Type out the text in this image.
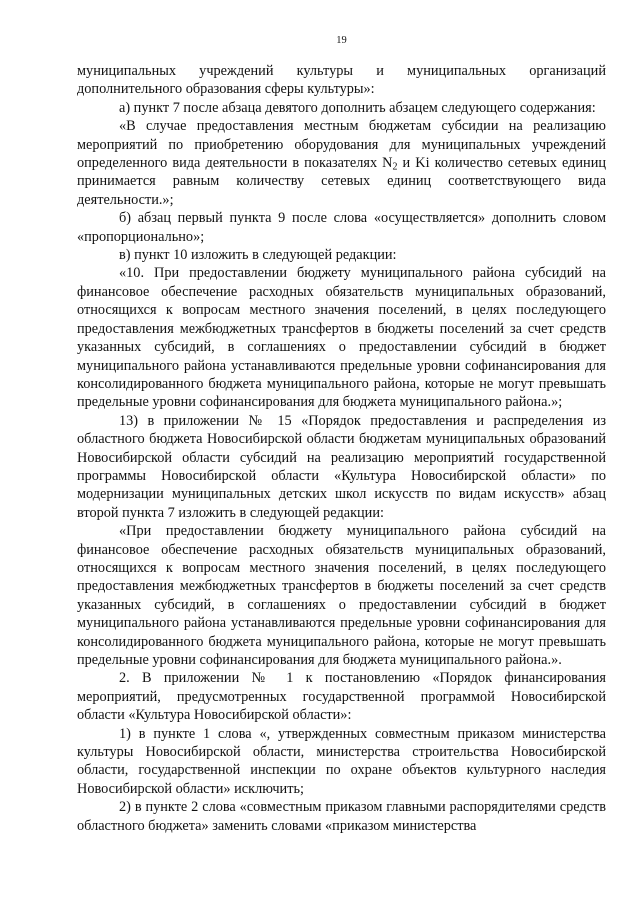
19

муниципальных учреждений культуры и муниципальных организаций дополнительного образования сферы культуры»:

а) пункт 7 после абзаца девятого дополнить абзацем следующего содержания:

«В случае предоставления местным бюджетам субсидии на реализацию мероприятий по приобретению оборудования для муниципальных учреждений определенного вида деятельности в показателях $N_2$ и Ki количество сетевых единиц принимается равным количеству сетевых единиц соответствующего вида деятельности.»;

б) абзац первый пункта 9 после слова «осуществляется» дополнить словом «пропорционально»;

в) пункт 10 изложить в следующей редакции:

«10. При предоставлении бюджету муниципального района субсидий на финансовое обеспечение расходных обязательств муниципальных образований, относящихся к вопросам местного значения поселений, в целях последующего предоставления межбюджетных трансфертов в бюджеты поселений за счет средств указанных субсидий, в соглашениях о предоставлении субсидий в бюджет муниципального района устанавливаются предельные уровни софинансирования для консолидированного бюджета муниципального района, которые не могут превышать предельные уровни софинансирования для бюджета муниципального района.»;

13) в приложении № 15 «Порядок предоставления и распределения из областного бюджета Новосибирской области бюджетам муниципальных образований Новосибирской области субсидий на реализацию мероприятий государственной программы Новосибирской области «Культура Новосибирской области» по модернизации муниципальных детских школ искусств по видам искусств» абзац второй пункта 7 изложить в следующей редакции:

«При предоставлении бюджету муниципального района субсидий на финансовое обеспечение расходных обязательств муниципальных образований, относящихся к вопросам местного значения поселений, в целях последующего предоставления межбюджетных трансфертов в бюджеты поселений за счет средств указанных субсидий, в соглашениях о предоставлении субсидий в бюджет муниципального района устанавливаются предельные уровни софинансирования для консолидированного бюджета муниципального района, которые не могут превышать предельные уровни софинансирования для бюджета муниципального района.».

2. В приложении № 1 к постановлению «Порядок финансирования мероприятий, предусмотренных государственной программой Новосибирской области «Культура Новосибирской области»:

1) в пункте 1 слова «, утвержденных совместным приказом министерства культуры Новосибирской области, министерства строительства Новосибирской области, государственной инспекции по охране объектов культурного наследия Новосибирской области» исключить;

2) в пункте 2 слова «совместным приказом главными распорядителями средств областного бюджета» заменить словами «приказом министерства
